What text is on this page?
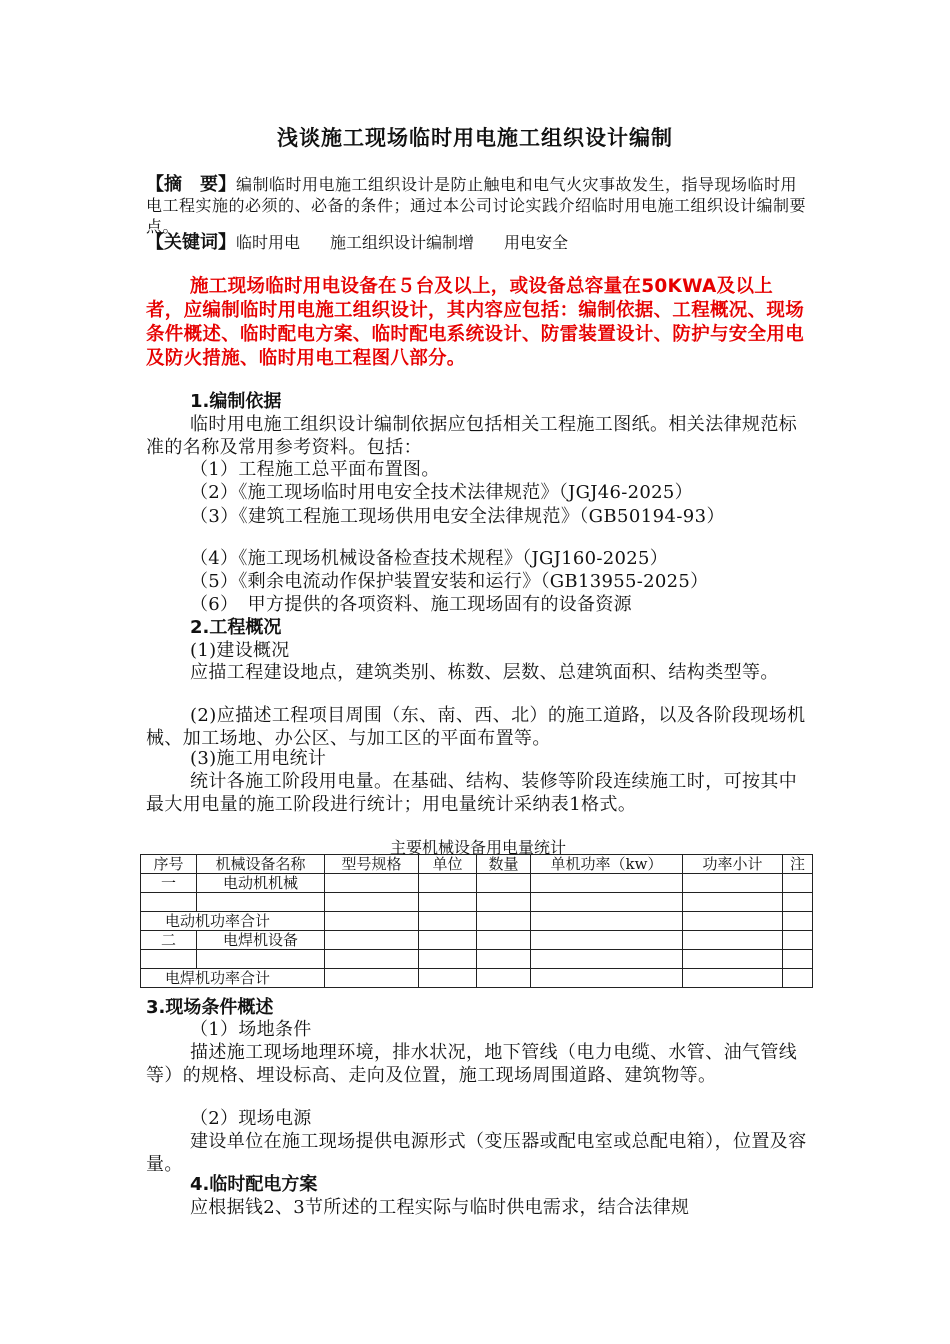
浅谈施工现场临时用电施工组织设计编制
【摘　要】编制临时用电施工组织设计是防止触电和电气火灾事故发生，指导现场临时用电工程实施的必须的、必备的条件；通过本公司讨论实践介绍临时用电施工组织设计编制要点。
【关键词】临时用电 施工组织设计编制增 用电安全
施工现场临时用电设备在５台及以上，或设备总容量在50KWA及以上者，应编制临时用电施工组织设计，其内容应包括：编制依据、工程概况、现场条件概述、临时配电方案、临时配电系统设计、防雷装置设计、防护与安全用电及防火措施、临时用电工程图八部分。
1.编制依据
临时用电施工组织设计编制依据应包括相关工程施工图纸。相关法律规范标准的名称及常用参考资料。包括：
（1）工程施工总平面布置图。
（2）《施工现场临时用电安全技术法律规范》（JGJ46-2025）
（3）《建筑工程施工现场供用电安全法律规范》（GB50194-93）
（4）《施工现场机械设备检查技术规程》（JGJ160-2025）
（5）《剩余电流动作保护装置安装和运行》（GB13955-2025）
（6）　甲方提供的各项资料、施工现场固有的设备资源
2.工程概况
(1)建设概况
应描工程建设地点，建筑类别、栋数、层数、总建筑面积、结构类型等。
(2)应描述工程项目周围（东、南、西、北）的施工道路，以及各阶段现场机械、加工场地、办公区、与加工区的平面布置等。
(3)施工用电统计
统计各施工阶段用电量。在基础、结构、装修等阶段连续施工时，可按其中最大用电量的施工阶段进行统计；用电量统计采纳表1格式。
主要机械设备用电量统计
序号	机械设备名称	型号规格	单位	数量	单机功率（kw）	功率小计	注
一	电动机机械						

电动机功率合计							
二	电焊机设备						

电焊机功率合计							
3.现场条件概述
（1）场地条件
描述施工现场地理环境，排水状况，地下管线（电力电缆、水管、油气管线等）的规格、埋设标高、走向及位置，施工现场周围道路、建筑物等。
（2）现场电源
建设单位在施工现场提供电源形式（变压器或配电室或总配电箱），位置及容量。
4.临时配电方案
应根据钱2、3节所述的工程实际与临时供电需求，结合法律规
